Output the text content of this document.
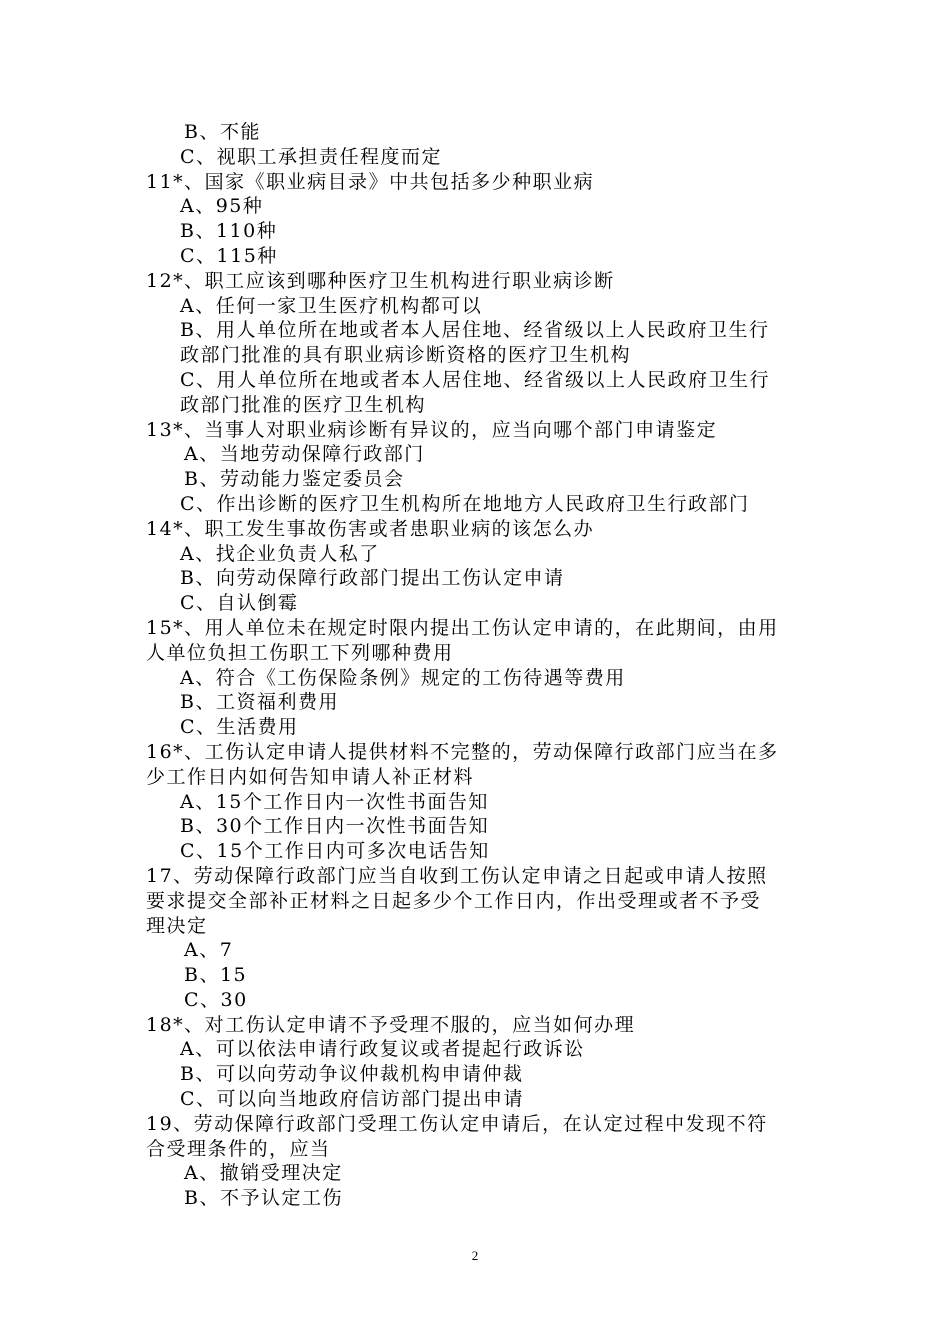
B、不能
C、视职工承担责任程度而定
11*、国家《职业病目录》中共包括多少种职业病
A、95种
B、110种
C、115种
12*、职工应该到哪种医疗卫生机构进行职业病诊断
A、任何一家卫生医疗机构都可以
B、用人单位所在地或者本人居住地、经省级以上人民政府卫生行
政部门批准的具有职业病诊断资格的医疗卫生机构
C、用人单位所在地或者本人居住地、经省级以上人民政府卫生行
政部门批准的医疗卫生机构
13*、当事人对职业病诊断有异议的，应当向哪个部门申请鉴定
A、当地劳动保障行政部门
B、劳动能力鉴定委员会
C、作出诊断的医疗卫生机构所在地地方人民政府卫生行政部门
14*、职工发生事故伤害或者患职业病的该怎么办
A、找企业负责人私了
B、向劳动保障行政部门提出工伤认定申请
C、自认倒霉
15*、用人单位未在规定时限内提出工伤认定申请的，在此期间，由用
人单位负担工伤职工下列哪种费用
A、符合《工伤保险条例》规定的工伤待遇等费用
B、工资福利费用
C、生活费用
16*、工伤认定申请人提供材料不完整的，劳动保障行政部门应当在多
少工作日内如何告知申请人补正材料
A、15个工作日内一次性书面告知
B、30个工作日内一次性书面告知
C、15个工作日内可多次电话告知
17、劳动保障行政部门应当自收到工伤认定申请之日起或申请人按照
要求提交全部补正材料之日起多少个工作日内，作出受理或者不予受
理决定
A、7
B、15
C、30
18*、对工伤认定申请不予受理不服的，应当如何办理
A、可以依法申请行政复议或者提起行政诉讼
B、可以向劳动争议仲裁机构申请仲裁
C、可以向当地政府信访部门提出申请
19、劳动保障行政部门受理工伤认定申请后，在认定过程中发现不符
合受理条件的，应当
A、撤销受理决定
B、不予认定工伤
2
